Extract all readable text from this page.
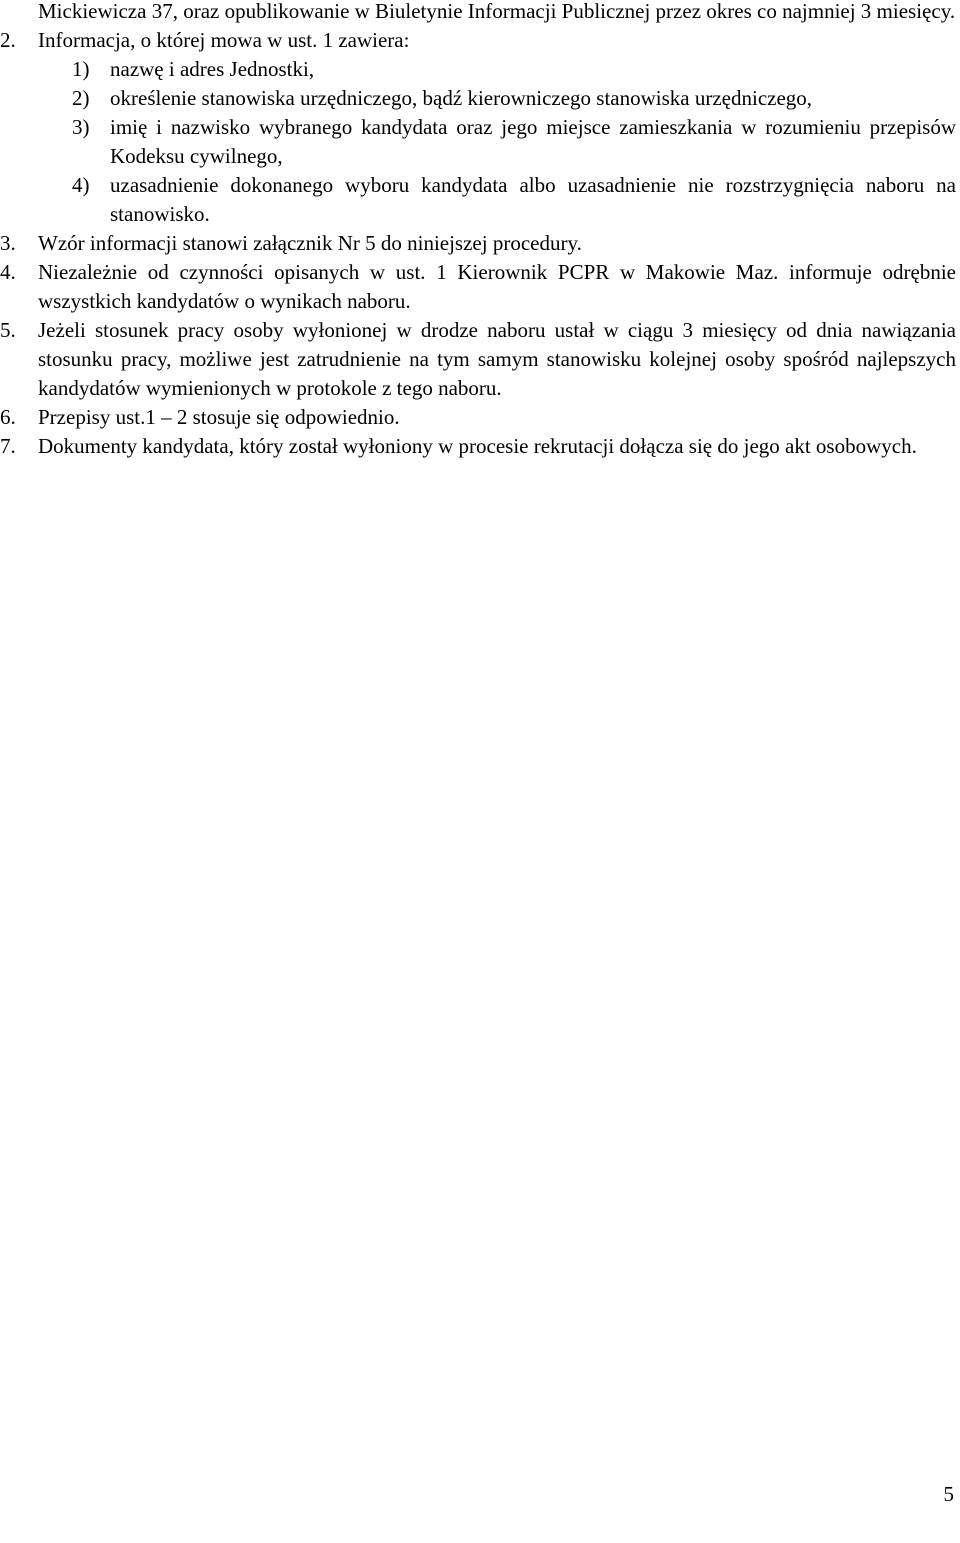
Mickiewicza 37, oraz opublikowanie w Biuletynie Informacji Publicznej przez okres co najmniej 3 miesięcy.
2. Informacja, o której mowa w ust. 1 zawiera:
1) nazwę i adres Jednostki,
2) określenie stanowiska urzędniczego, bądź kierowniczego stanowiska urzędniczego,
3) imię i nazwisko wybranego kandydata oraz jego miejsce zamieszkania w rozumieniu przepisów Kodeksu cywilnego,
4) uzasadnienie dokonanego wyboru kandydata albo uzasadnienie nie rozstrzygnięcia naboru na stanowisko.
3. Wzór informacji stanowi załącznik Nr 5 do niniejszej procedury.
4. Niezależnie od czynności opisanych w ust. 1 Kierownik PCPR w Makowie Maz. informuje odrębnie wszystkich kandydatów o wynikach naboru.
5. Jeżeli stosunek pracy osoby wyłonionej w drodze naboru ustał w ciągu 3 miesięcy od dnia nawiązania stosunku pracy, możliwe jest zatrudnienie na tym samym stanowisku kolejnej osoby spośród najlepszych kandydatów wymienionych w protokole z tego naboru.
6. Przepisy ust.1 – 2 stosuje się odpowiednio.
7. Dokumenty kandydata, który został wyłoniony w procesie rekrutacji dołącza się do jego akt osobowych.
5
